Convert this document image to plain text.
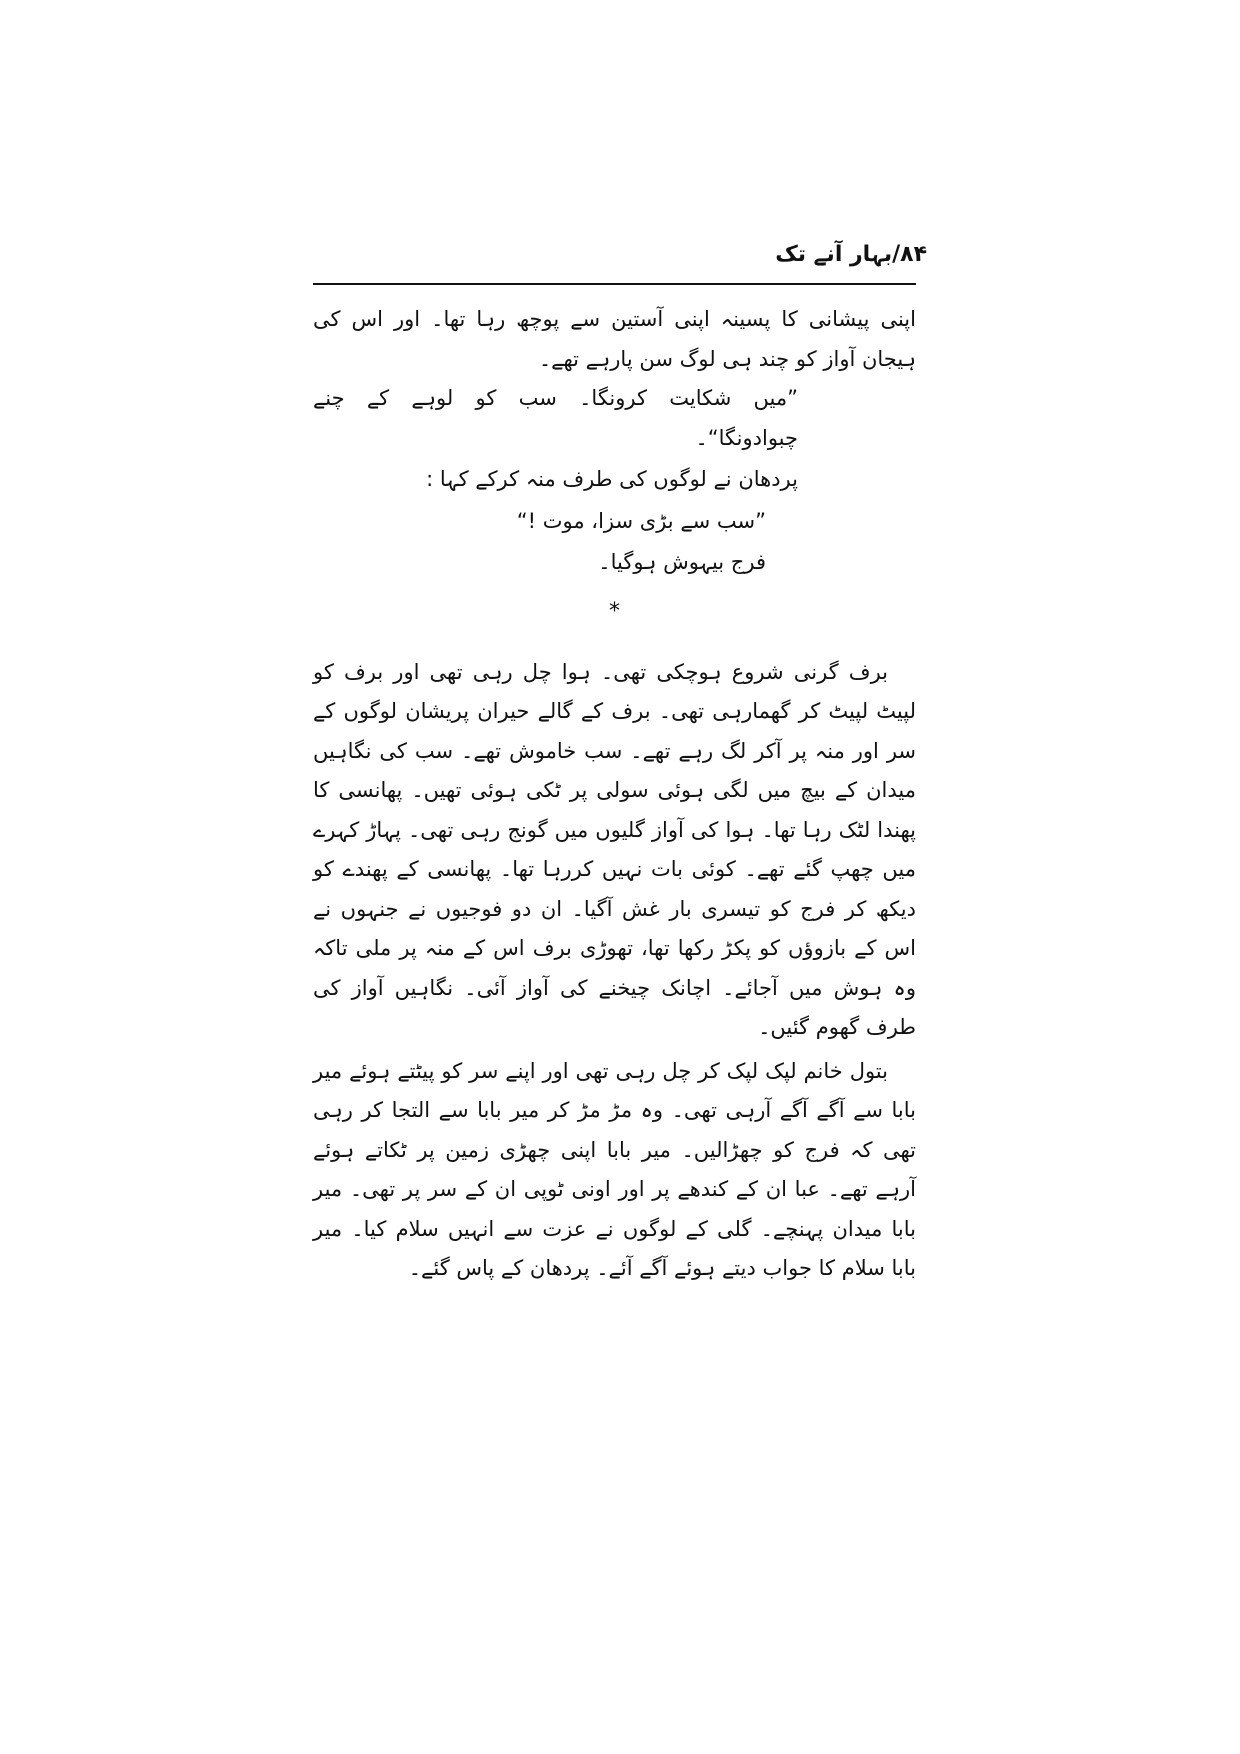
۸۴/بہار آنے تک

اپنی پیشانی کا پسینہ اپنی آستین سے پوچھ رہا تھا۔ اور اس کی ہیجان آواز کو چند ہی لوگ سن پارہے تھے۔

”میں شکایت کرونگا۔ سب کو لوہے کے چنے چبوادونگا“۔

پردھان نے لوگوں کی طرف منہ کرکے کہا :

”سب سے بڑی سزا، موت !“

فرج بیہوش ہوگیا۔

*

برف گرنی شروع ہوچکی تھی۔ ہوا چل رہی تھی اور برف کو لپیٹ لپیٹ کر گھمارہی تھی۔ برف کے گالے حیران پریشان لوگوں کے سر اور منہ پر آکر لگ رہے تھے۔ سب خاموش تھے۔ سب کی نگاہیں میدان کے بیچ میں لگی ہوئی سولی پر ٹکی ہوئی تھیں۔ پھانسی کا پھندا لٹک رہا تھا۔ ہوا کی آواز گلیوں میں گونج رہی تھی۔ پہاڑ کہرے میں چھپ گئے تھے۔ کوئی بات نہیں کررہا تھا۔ پھانسی کے پھندے کو دیکھ کر فرج کو تیسری بار غش آگیا۔ ان دو فوجیوں نے جنہوں نے اس کے بازوؤں کو پکڑ رکھا تھا، تھوڑی برف اس کے منہ پر ملی تاکہ وہ ہوش میں آجائے۔ اچانک چیخنے کی آواز آئی۔ نگاہیں آواز کی طرف گھوم گئیں۔

بتول خانم لپک لپک کر چل رہی تھی اور اپنے سر کو پیٹتے ہوئے میر بابا سے آگے آگے آرہی تھی۔ وہ مڑ مڑ کر میر بابا سے التجا کر رہی تھی کہ فرج کو چھڑالیں۔ میر بابا اپنی چھڑی زمین پر ٹکاتے ہوئے آرہے تھے۔ عبا ان کے کندھے پر اور اونی ٹوپی ان کے سر پر تھی۔ میر بابا میدان پہنچے۔ گلی کے لوگوں نے عزت سے انہیں سلام کیا۔ میر بابا سلام کا جواب دیتے ہوئے آگے آئے۔ پردھان کے پاس گئے۔
